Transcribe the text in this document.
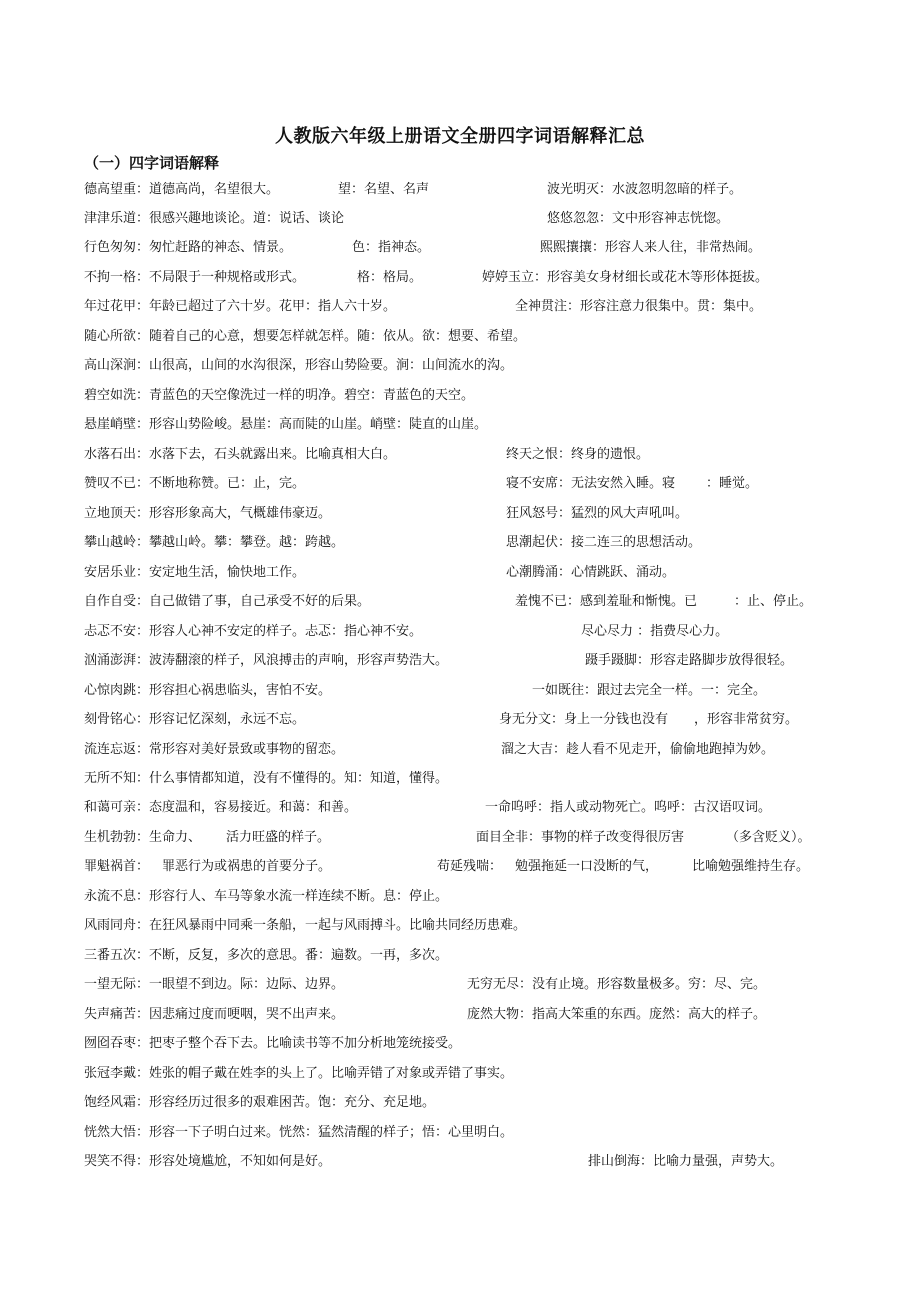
人教版六年级上册语文全册四字词语解释汇总
（一）四字词语解释
德高望重：道德高尚，名望很大。	望：名望、名声	波光明灭：水波忽明忽暗的样子。
津津乐道：很感兴趣地谈论。道：说话、谈论	悠悠忽忽：文中形容神志恍惚。
行色匆匆：匆忙赶路的神态、情景。	色：指神态。	熙熙攘攘：形容人来人往，非常热闹。
不拘一格：不局限于一种规格或形式。	格：格局。	婷婷玉立：形容美女身材细长或花木等形体挺拔。
年过花甲：年龄已超过了六十岁。花甲：指人六十岁。	全神贯注：形容注意力很集中。贯：集中。
随心所欲：随着自己的心意，想要怎样就怎样。随：依从。欲：想要、希望。
高山深涧：山很高，山间的水沟很深，形容山势险要。涧：山间流水的沟。
碧空如洗：青蓝色的天空像洗过一样的明净。碧空：青蓝色的天空。
悬崖峭壁：形容山势险峻。悬崖：高而陡的山崖。峭壁：陡直的山崖。
水落石出：水落下去，石头就露出来。比喻真相大白。	终天之恨：终身的遗恨。
赞叹不已：不断地称赞。已：止，完。	寝不安席：无法安然入睡。寝 ：睡觉。
立地顶天：形容形象高大，气概雄伟豪迈。	狂风怒号：猛烈的风大声吼叫。
攀山越岭：攀越山岭。攀：攀登。越：跨越。	思潮起伏：接二连三的思想活动。
安居乐业：安定地生活，愉快地工作。	心潮腾涌：心情跳跃、涌动。
自作自受：自己做错了事，自己承受不好的后果。	羞愧不已：感到羞耻和惭愧。已	：止、停止。
忐忑不安：形容人心神不安定的样子。忐忑：指心神不安。	尽心尽力 ：指费尽心力。
汹涌澎湃：波涛翻滚的样子，风浪搏击的声响，形容声势浩大。	蹑手蹑脚：形容走路脚步放得很轻。
心惊肉跳：形容担心祸患临头，害怕不安。	一如既往：跟过去完全一样。一：完全。
刻骨铭心：形容记忆深刻，永远不忘。	身无分文：身上一分钱也没有 ，形容非常贫穷。
流连忘返：常形容对美好景致或事物的留恋。	溜之大吉：趁人看不见走开，偷偷地跑掉为妙。
无所不知：什么事情都知道，没有不懂得的。知：知道，懂得。
和蔼可亲：态度温和，容易接近。和蔼：和善。	一命呜呼：指人或动物死亡。呜呼：古汉语叹词。
生机勃勃：生命力、 活力旺盛的样子。	面目全非：事物的样子改变得很厉害	（多含贬义）。
罪魁祸首： 罪恶行为或祸患的首要分子。	苟延残喘： 勉强拖延一口没断的气，	比喻勉强维持生存。
永流不息：形容行人、车马等象水流一样连续不断。息：停止。
风雨同舟：在狂风暴雨中同乘一条船，一起与风雨搏斗。比喻共同经历患难。
三番五次：不断，反复，多次的意思。番：遍数。一再，多次。
一望无际：一眼望不到边。际：边际、边界。	无穷无尽：没有止境。形容数量极多。穷：尽、完。
失声痛苦：因悲痛过度而哽咽，哭不出声来。	庞然大物：指高大笨重的东西。庞然：高大的样子。
囫囵吞枣：把枣子整个吞下去。比喻读书等不加分析地笼统接受。
张冠李戴：姓张的帽子戴在姓李的头上了。比喻弄错了对象或弄错了事实。
饱经风霜：形容经历过很多的艰难困苦。饱：充分、充足地。
恍然大悟：形容一下子明白过来。恍然：猛然清醒的样子；悟：心里明白。
哭笑不得：形容处境尴尬，不知如何是好。	排山倒海：比喻力量强，声势大。
